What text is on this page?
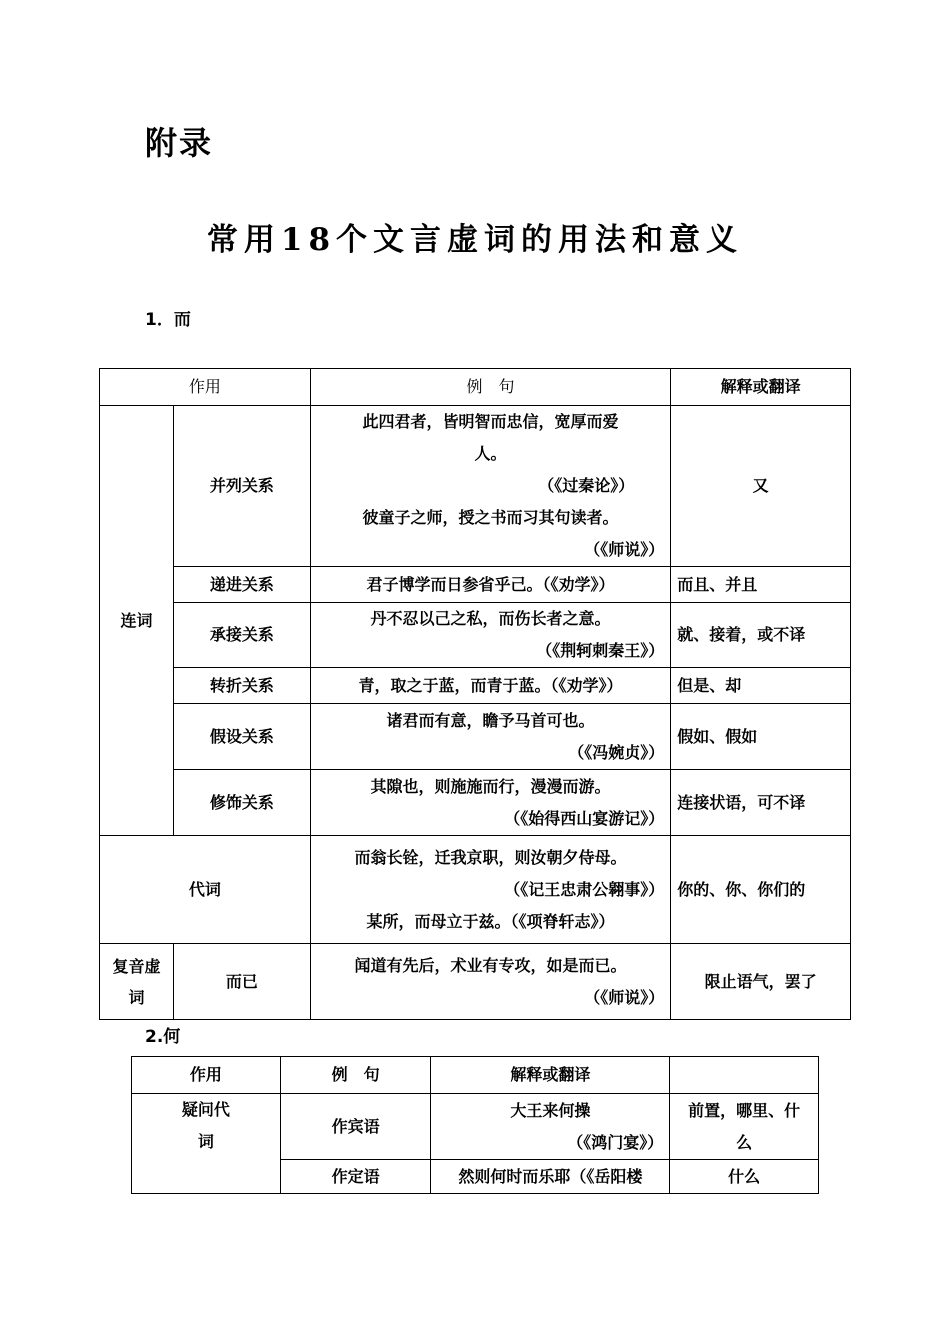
附录
常用18个文言虚词的用法和意义
1．而
作用		例　句	解释或翻译
连词	并列关系	此四君者，皆明智而忠信，宽厚而爱
人。
（《过秦论》）
彼童子之师，授之书而习其句读者。
（《师说》）	又
	递进关系	君子博学而日参省乎己。（《劝学》）	而且、并且
	承接关系	丹不忍以己之私，而伤长者之意。
（《荆轲刺秦王》）	就、接着，或不译
	转折关系	青，取之于蓝，而青于蓝。（《劝学》）	但是、却
	假设关系	诸君而有意，瞻予马首可也。
（《冯婉贞》）	假如、假如
	修饰关系	其隙也，则施施而行，漫漫而游。
（《始得西山宴游记》）	连接状语，可不译
代词		而翁长铨，迁我京职，则汝朝夕侍母。
（《记王忠肃公翱事》）
某所，而母立于兹。（《项脊轩志》）	你的、你、你们的
复音虚词	而已	闻道有先后，术业有专攻，如是而已。
（《师说》）	限止语气，罢了
2.何
作用	例　句	解释或翻译	
疑问代词	作宾语	大王来何操
（《鸿门宴》）	前置，哪里、什么
	作定语	然则何时而乐耶（《岳阳楼	什么
